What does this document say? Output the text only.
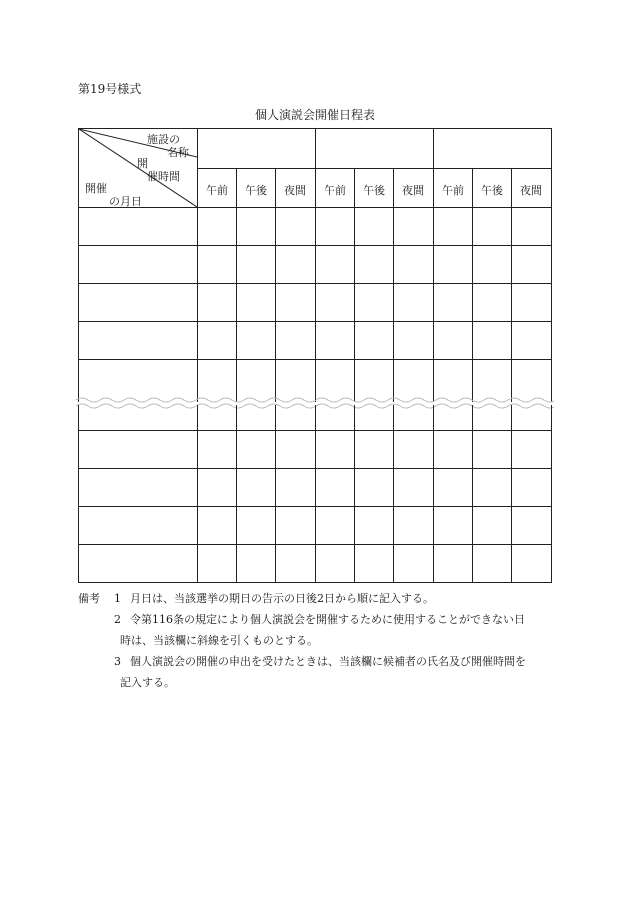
第19号様式
個人演説会開催日程表
施設の
名称
開
催時間
開催
の月日
午前 午後 夜間 午前 午後 夜間 午前 午後 夜間
備考 1 月日は、当該選挙の期日の告示の日後2日から順に記入する。
2 令第116条の規定により個人演説会を開催するために使用することができない日
時は、当該欄に斜線を引くものとする。
3 個人演説会の開催の申出を受けたときは、当該欄に候補者の氏名及び開催時間を
記入する。
